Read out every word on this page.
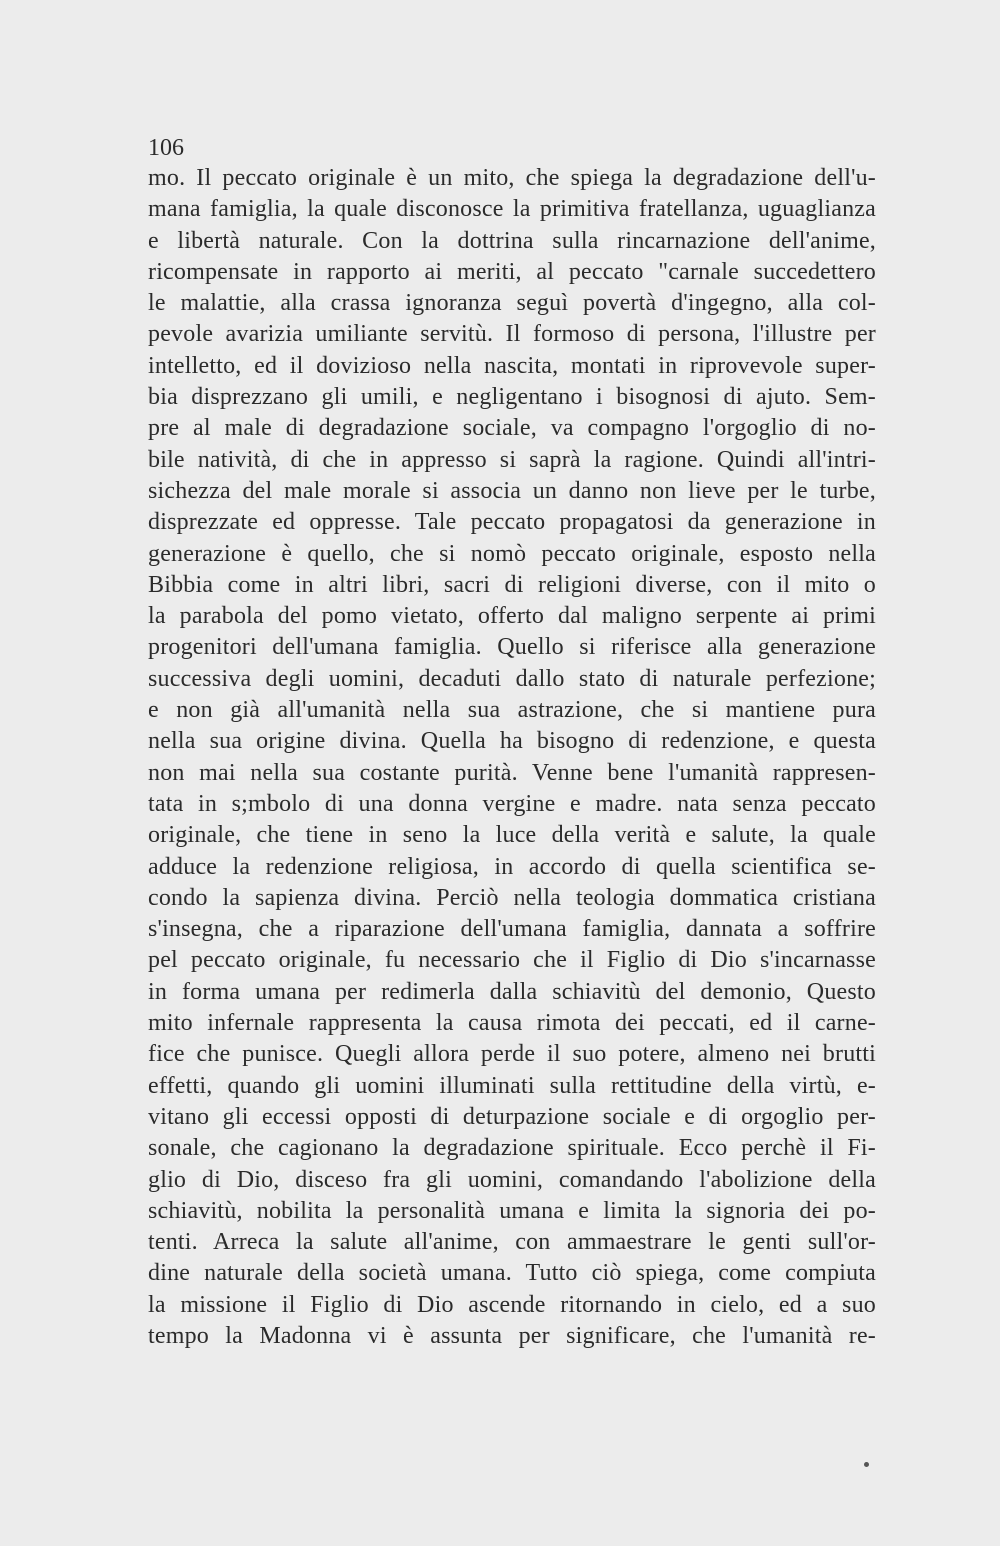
106
mo. Il peccato originale è un mito, che spiega la degradazione dell'u-
mana famiglia, la quale disconosce la primitiva fratellanza, uguaglianza
e libertà naturale. Con la dottrina sulla rincarnazione dell'anime,
ricompensate in rapporto ai meriti, al peccato "carnale succedettero
le malattie, alla crassa ignoranza seguì povertà d'ingegno, alla col-
pevole avarizia umiliante servitù. Il formoso di persona, l'illustre per
intelletto, ed il dovizioso nella nascita, montati in riprovevole super-
bia disprezzano gli umili, e negligentano i bisognosi di ajuto. Sem-
pre al male di degradazione sociale, va compagno l'orgoglio di no-
bile natività, di che in appresso si saprà la ragione. Quindi all'intri-
sichezza del male morale si associa un danno non lieve per le turbe,
disprezzate ed oppresse. Tale peccato propagatosi da generazione in
generazione è quello, che si nomò peccato originale, esposto nella
Bibbia come in altri libri, sacri di religioni diverse, con il mito o
la parabola del pomo vietato, offerto dal maligno serpente ai primi
progenitori dell'umana famiglia. Quello si riferisce alla generazione
successiva degli uomini, decaduti dallo stato di naturale perfezione;
e non già all'umanità nella sua astrazione, che si mantiene pura
nella sua origine divina. Quella ha bisogno di redenzione, e questa
non mai nella sua costante purità. Venne bene l'umanità rappresen-
tata in s;mbolo di una donna vergine e madre. nata senza peccato
originale, che tiene in seno la luce della verità e salute, la quale
adduce la redenzione religiosa, in accordo di quella scientifica se-
condo la sapienza divina. Perciò nella teologia dommatica cristiana
s'insegna, che a riparazione dell'umana famiglia, dannata a soffrire
pel peccato originale, fu necessario che il Figlio di Dio s'incarnasse
in forma umana per redimerla dalla schiavitù del demonio, Questo
mito infernale rappresenta la causa rimota dei peccati, ed il carne-
fice che punisce. Quegli allora perde il suo potere, almeno nei brutti
effetti, quando gli uomini illuminati sulla rettitudine della virtù, e-
vitano gli eccessi opposti di deturpazione sociale e di orgoglio per-
sonale, che cagionano la degradazione spirituale. Ecco perchè il Fi-
glio di Dio, disceso fra gli uomini, comandando l'abolizione della
schiavitù, nobilita la personalità umana e limita la signoria dei po-
tenti. Arreca la salute all'anime, con ammaestrare le genti sull'or-
dine naturale della società umana. Tutto ciò spiega, come compiuta
la missione il Figlio di Dio ascende ritornando in cielo, ed a suo
tempo la Madonna vi è assunta per significare, che l'umanità re-
